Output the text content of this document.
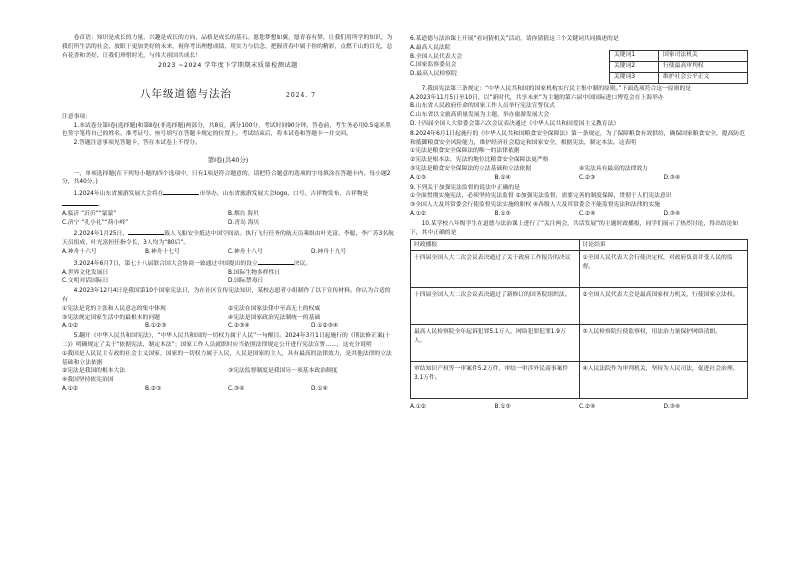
卷首语：知识是成长的力量，兴趣是成长的方向，品格是成长的基石。愿您梦想如翼，愿青春有梦，让我们用所学的知识，为我们所生活的社会，放眼于更加美好的未来，祝你考出理想成绩，用实力与信念，把握青春中属于你的精彩，点燃千山的目光，总有花香和美好，让我们珍惜时光，与伟大祖国共成长！

2023 ~2024 学年度下学期期末质量检测试题

八年级道德与法治	2024. 7

注意事项：

1.本试卷分第Ⅰ卷(选择题)和第Ⅱ卷(非选择题)两部分，共8页，满分100分，考试时间90分钟。答卷前，考生务必用0.5毫米黑色签字笔将自己的姓名、准考证号、座号填写在答题卡规定的位置上。考试结束后，将本试卷和答题卡一并交回。

2.答题注意事项见答题卡，答在本试卷上不得分。

第Ⅰ卷(共40分)

一、单项选择题(在下列每小题的四个选项中，只有1项是符合题意的。请把符合题意的选项的字母填涂在答题卡内。每小题2分，共40分。)

1.2024年山东省旅游发展大会将在	市举办，山东省旅游发展大会logo、口号、吉祥物发布，吉祥物是。

A.临沂 “沂沂”“蒙蒙”	B.烟台 海贝
C.济宁 “孔小礼”“荷小峄”	D.青岛 海贝

2.2024年1月25日，	载人飞船安全抵达中国空间站。执行飞行任务的航天员乘组由叶光富、李聪、李广苏3名航天员组成，叶光富担任指令长，3人均为“80后”。

A.神舟十六号	B.神舟十七号	C.神舟十八号	D.神舟十九号

3.2024年6月7日，第七十八届联合国大会协商一致通过中国提出的设立	决议。

A.世界文化发展日	B.国际生物多样性日
C.文明对话国际日	D.国际禁毒日

4.2023年12月4日是我国第10个国家宪法日，为在社区宣传宪法知识，某校志愿者小组制作了以下宣传材料。你认为合适的有

①宪法是党的主张和人民意志的集中体现	②宪法在国家法律中至高无上的权威
③宪法规定国家生活中的最根本的问题	④宪法是国家政治宪法制统一的基础
A.①②	B.①②③	C.②③④	D.①②③④

5.翻开《中华人民共和国宪法》，“中华人民共和国的一切权力属于人民”一句醒目。2024年3月1日起施行的《刑法修正案(十二)》明确规定了关于“依据宪法，制定本法”；国家工作人员就职时应当依照法律规定公开进行宪法宣誓……，这充分说明

①我国是人民民主专政的社会主义国家，国家的一切权力属于人民，人民是国家的主人，具有最高的法律效力，是其他法律的立法基础和立法依据

②宪法是我国的根本大法	③宪法监督制度是我国另一项基本政治制度
④我国坚持依宪治国
A.①②	B.②③	C.③④	D.①④

6.某道德与法治课上开展“看词猜机关”活动，请你猜猜这三个关键词共同描述的是

A.最高人民法院
B.全国人民代表大会
C.国家监察委员会
D.最高人民检察院
关键词1	国家司法机关
关键词2	行使最高审判权
关键词3	维护社会公平正义

7.我国宪法第三条规定：“中华人民共和国的国家机构实行民主集中制的原则。”下面选项符合这一原则的是

A.2023年11月5日至10日，以“新时代，共享未来”为主题的第六届中国国际进口博览会在上海举办

B.山东省人民政府任命的国家工作人员举行宪法宣誓仪式

C.山东省以文旅高质量发展为主题，举办旅游发展大会

D.十四届全国人大常委会第六次会议表决通过《中华人民共和国爱国主义教育法》

8.2024年6月1日起施行的《中华人民共和国粮食安全保障法》第一条规定，为了保障粮食有效供给，确保国家粮食安全，提高防范和抵御粮食安全风险能力，维护经济社会稳定和国家安全，根据宪法，制定本法。这表明

①宪法是粮食安全保障法的唯一的法律依据

②宪法是根本法，宪法的地位比粮食安全保障法更严格

③宪法是粮食安全保障法的立法基础和立法依据	④宪法具有最高的法律效力
A.①③	B.①④	C.②③	D.③④

9.下列关于加强宪法监督的说法中正确的是

①全面贯彻实施宪法，必须坚持宪法监督 ②加强宪法监督，需要完善的制度保障，贯彻于人们宪法意识

③全国人大及其常委会行使监督宪法实施的职权 ④各级人大及其常委会不能监督宪法和法律的实施

A.①②	B.①③	C.②④	D.③④

10.某学校八年级学生在道德与法治课上进行了“关注两会，共话发展”的主题时政播报，同学们展示了热烈讨论，得出结论如下，其中正确的是

时政播报	讨论结果
十四届全国人大二次会议表决通过了关于政府工作报告的决议	①全国人民代表大会行使决定权，对政府负责并受人民的监督。
十四届全国人大二次会议表决通过了新修订的国务院组织法。	②全国人民代表大会是最高国家权力机关，行使国家立法权。
最高人民检察院全年起诉犯罪5.1万人，网络犯罪犯罪1.9万人。	③人民检察院行使监察权，用法治力量保护网络清朗。
审结知识产权等一审案件5.2万件，审结一审涉外民商事案件3.1万件。	④人民法院作为审判机关，坚持为人民司法，促进社会治理。
A.①②	B.①③	C.②④	D.③④
